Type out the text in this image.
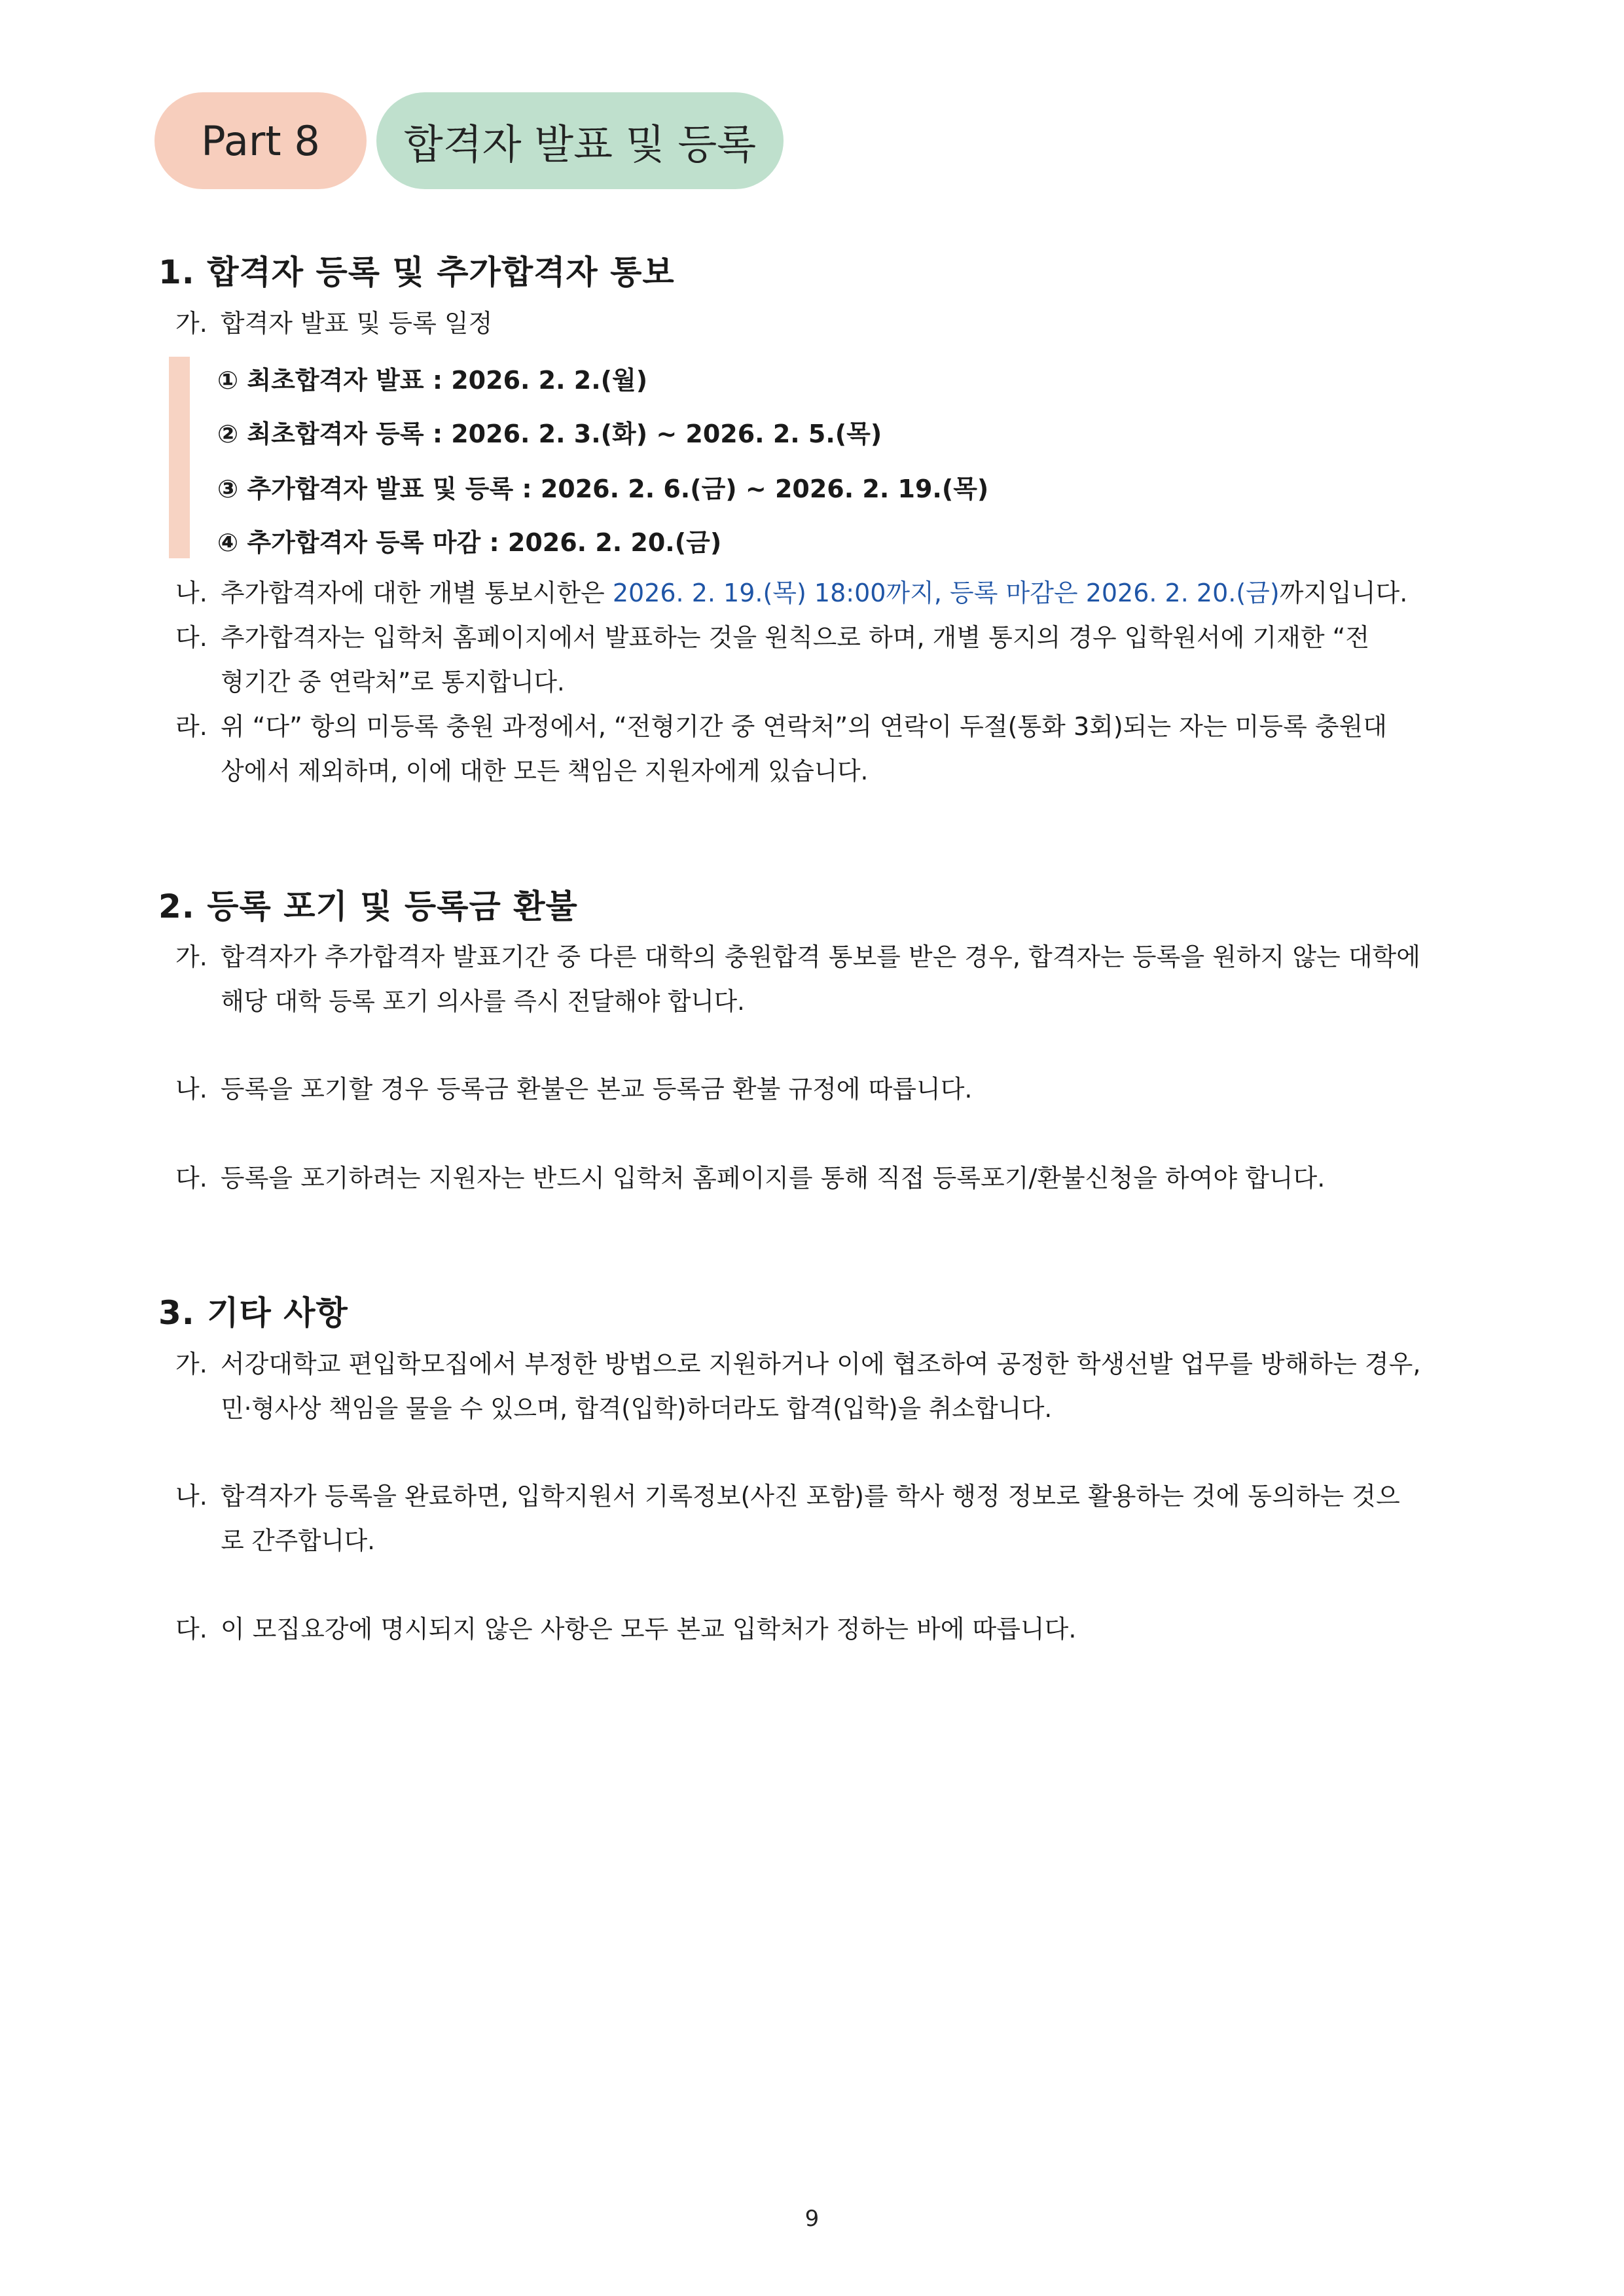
Part 8 합격자 발표 및 등록
1. 합격자 등록 및 추가합격자 통보
가. 합격자 발표 및 등록 일정
① 최초합격자 발표 : 2026. 2. 2.(월)
② 최초합격자 등록 : 2026. 2. 3.(화) ~ 2026. 2. 5.(목)
③ 추가합격자 발표 및 등록 : 2026. 2. 6.(금) ~ 2026. 2. 19.(목)
④ 추가합격자 등록 마감 : 2026. 2. 20.(금)
나. 추가합격자에 대한 개별 통보시한은 2026. 2. 19.(목) 18:00까지, 등록 마감은 2026. 2. 20.(금)까지입니다.
다. 추가합격자는 입학처 홈페이지에서 발표하는 것을 원칙으로 하며, 개별 통지의 경우 입학원서에 기재한 “전
형기간 중 연락처”로 통지합니다.
라. 위 “다” 항의 미등록 충원 과정에서, “전형기간 중 연락처”의 연락이 두절(통화 3회)되는 자는 미등록 충원대
상에서 제외하며, 이에 대한 모든 책임은 지원자에게 있습니다.
2. 등록 포기 및 등록금 환불
가. 합격자가 추가합격자 발표기간 중 다른 대학의 충원합격 통보를 받은 경우, 합격자는 등록을 원하지 않는 대학에
해당 대학 등록 포기 의사를 즉시 전달해야 합니다.
나. 등록을 포기할 경우 등록금 환불은 본교 등록금 환불 규정에 따릅니다.
다. 등록을 포기하려는 지원자는 반드시 입학처 홈페이지를 통해 직접 등록포기/환불신청을 하여야 합니다.
3. 기타 사항
가. 서강대학교 편입학모집에서 부정한 방법으로 지원하거나 이에 협조하여 공정한 학생선발 업무를 방해하는 경우,
민·형사상 책임을 물을 수 있으며, 합격(입학)하더라도 합격(입학)을 취소합니다.
나. 합격자가 등록을 완료하면, 입학지원서 기록정보(사진 포함)를 학사 행정 정보로 활용하는 것에 동의하는 것으
로 간주합니다.
다. 이 모집요강에 명시되지 않은 사항은 모두 본교 입학처가 정하는 바에 따릅니다.
9
